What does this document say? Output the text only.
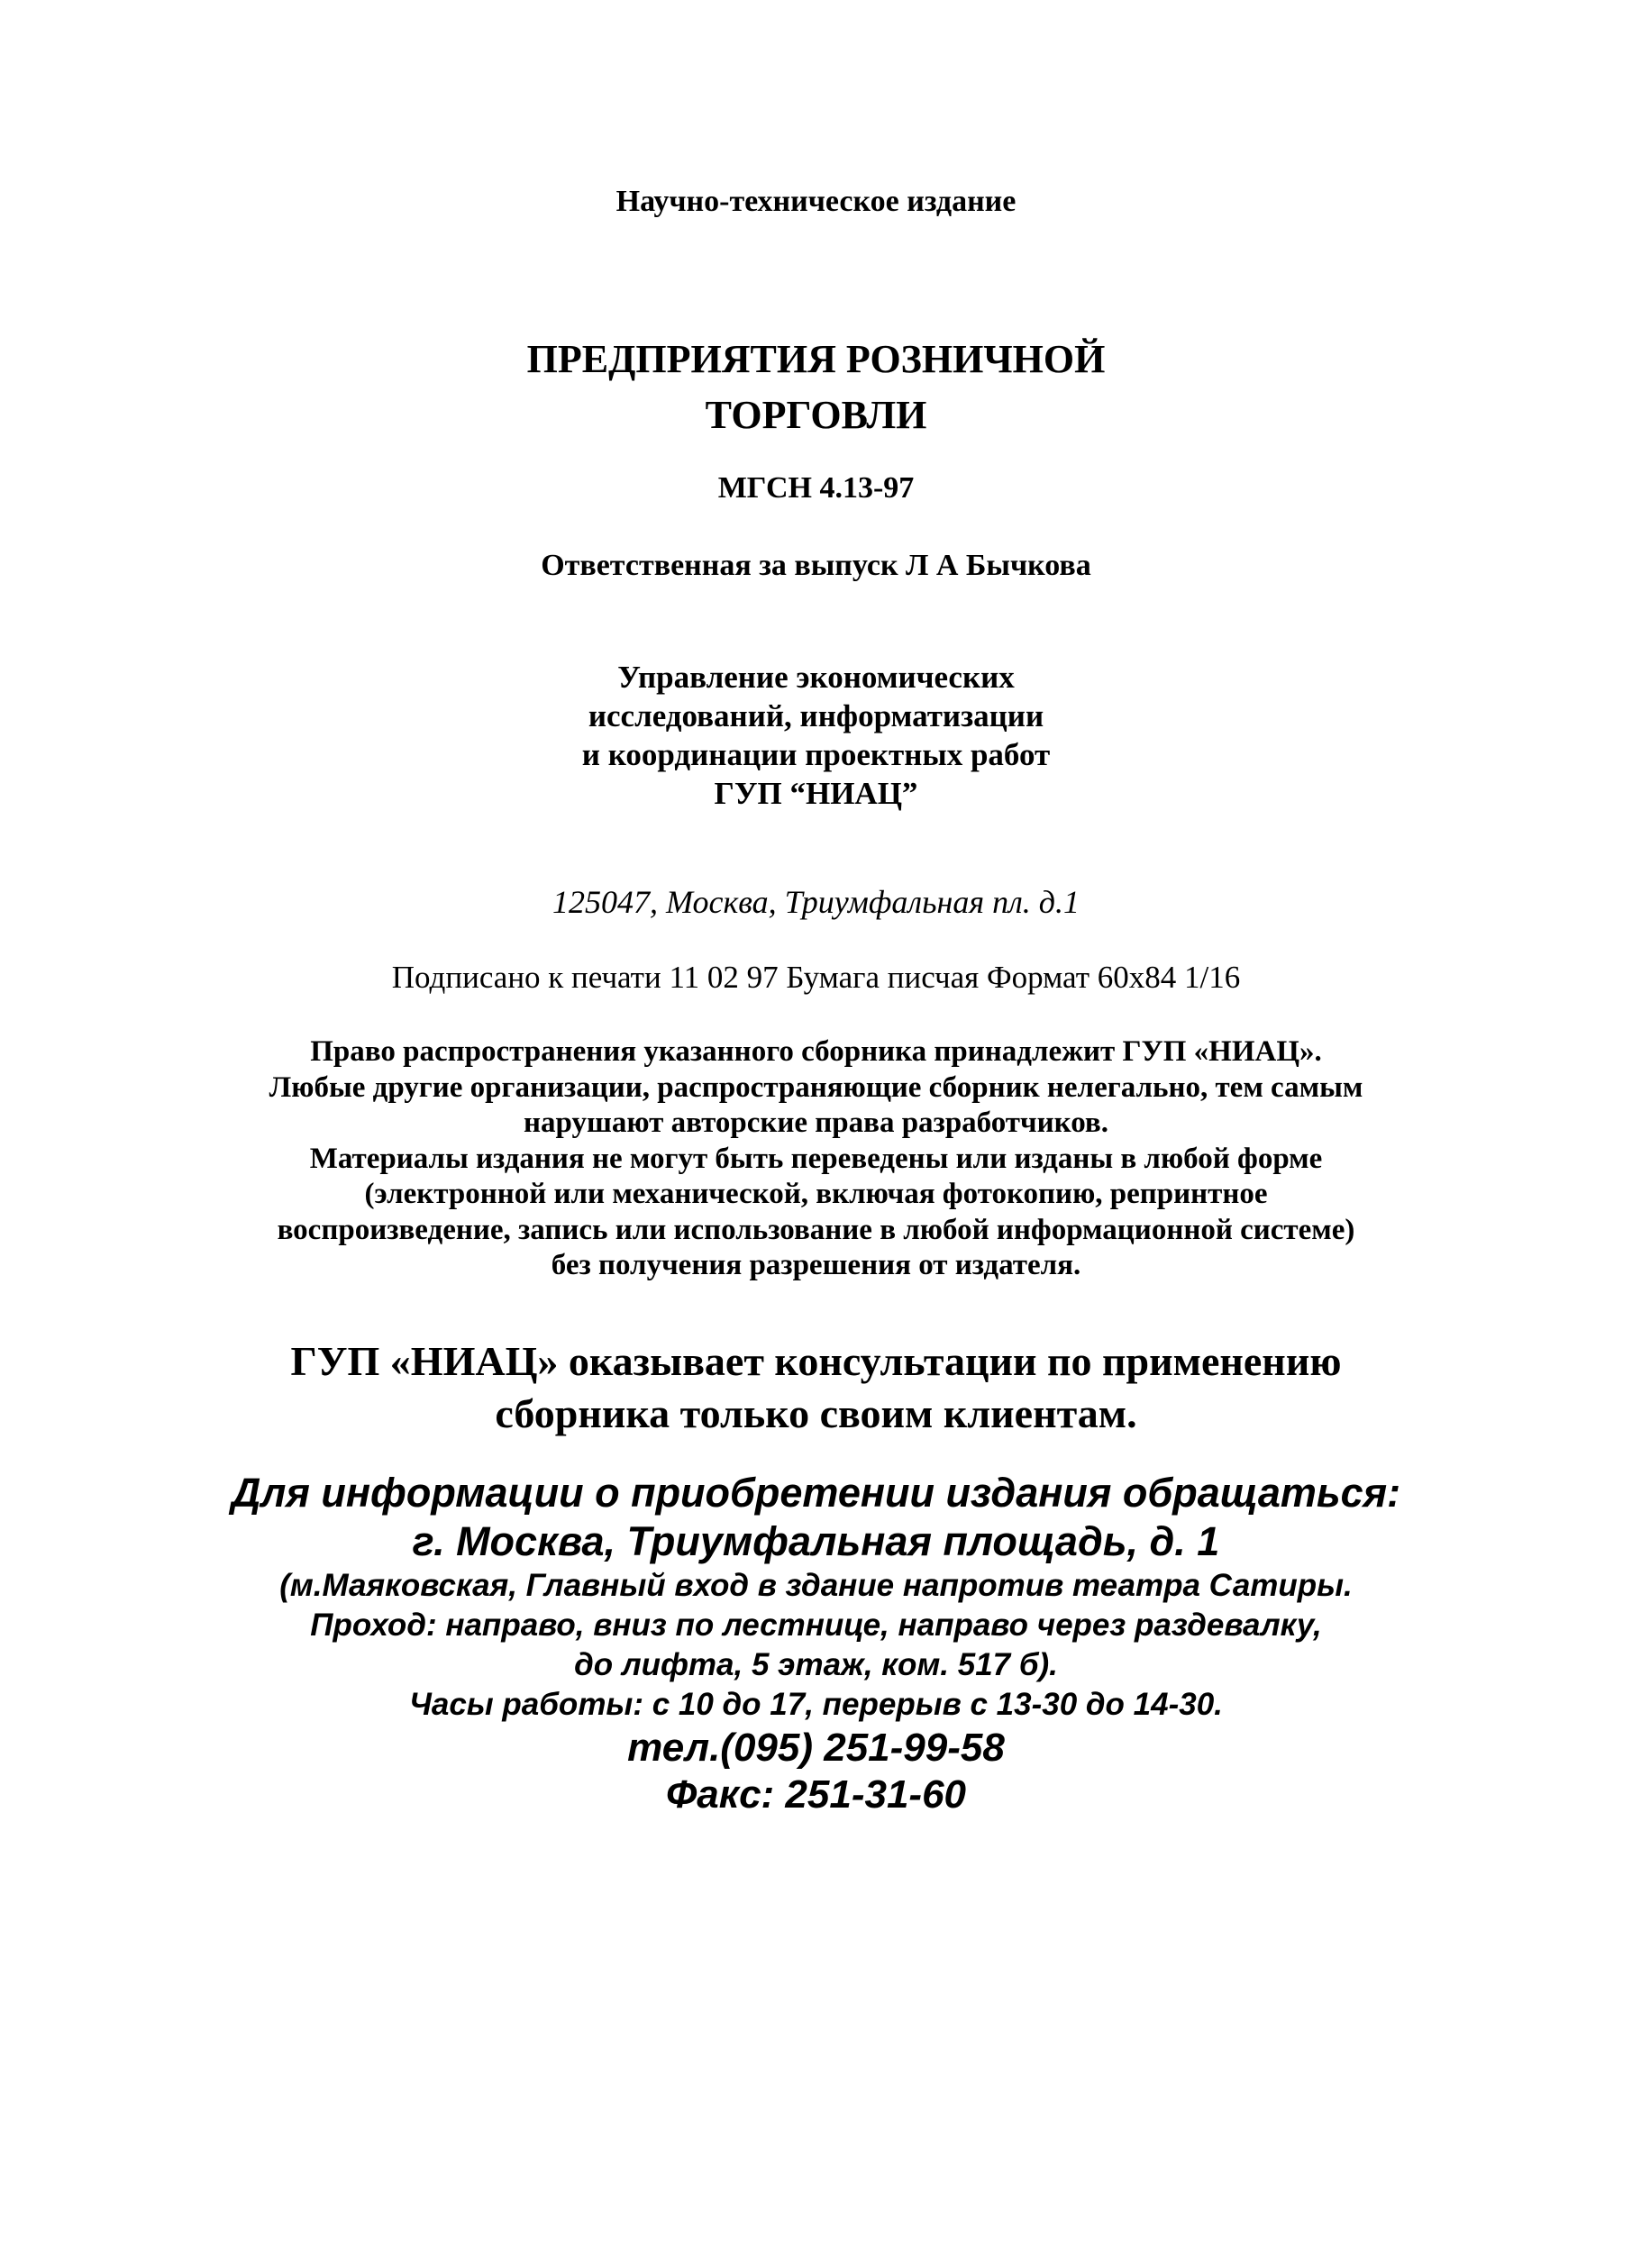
Научно-техническое издание
ПРЕДПРИЯТИЯ РОЗНИЧНОЙ
ТОРГОВЛИ
МГСН 4.13-97
Ответственная за выпуск Л А Бычкова
Управление экономических
исследований, информатизации
и координации проектных работ
ГУП “НИАЦ”
125047, Москва, Триумфальная пл. д.1
Подписано к печати 11 02 97 Бумага писчая Формат 60х84 1/16
Право распространения указанного сборника принадлежит ГУП «НИАЦ».
Любые другие организации, распространяющие сборник нелегально, тем самым
нарушают авторские права разработчиков.
Материалы издания не могут быть переведены или изданы в любой форме
(электронной или механической, включая фотокопию, репринтное
воспроизведение, запись или использование в любой информационной системе)
без получения разрешения от издателя.
ГУП «НИАЦ» оказывает консультации по применению
сборника только своим клиентам.
Для информации о приобретении издания обращаться:
г. Москва, Триумфальная площадь, д. 1
(м.Маяковская, Главный вход в здание напротив театра Сатиры.
Проход: направо, вниз по лестнице, направо через раздевалку,
до лифта, 5 этаж, ком. 517 б).
Часы работы: с 10 до 17, перерыв с 13-30 до 14-30.
тел.(095) 251-99-58
Факс: 251-31-60
